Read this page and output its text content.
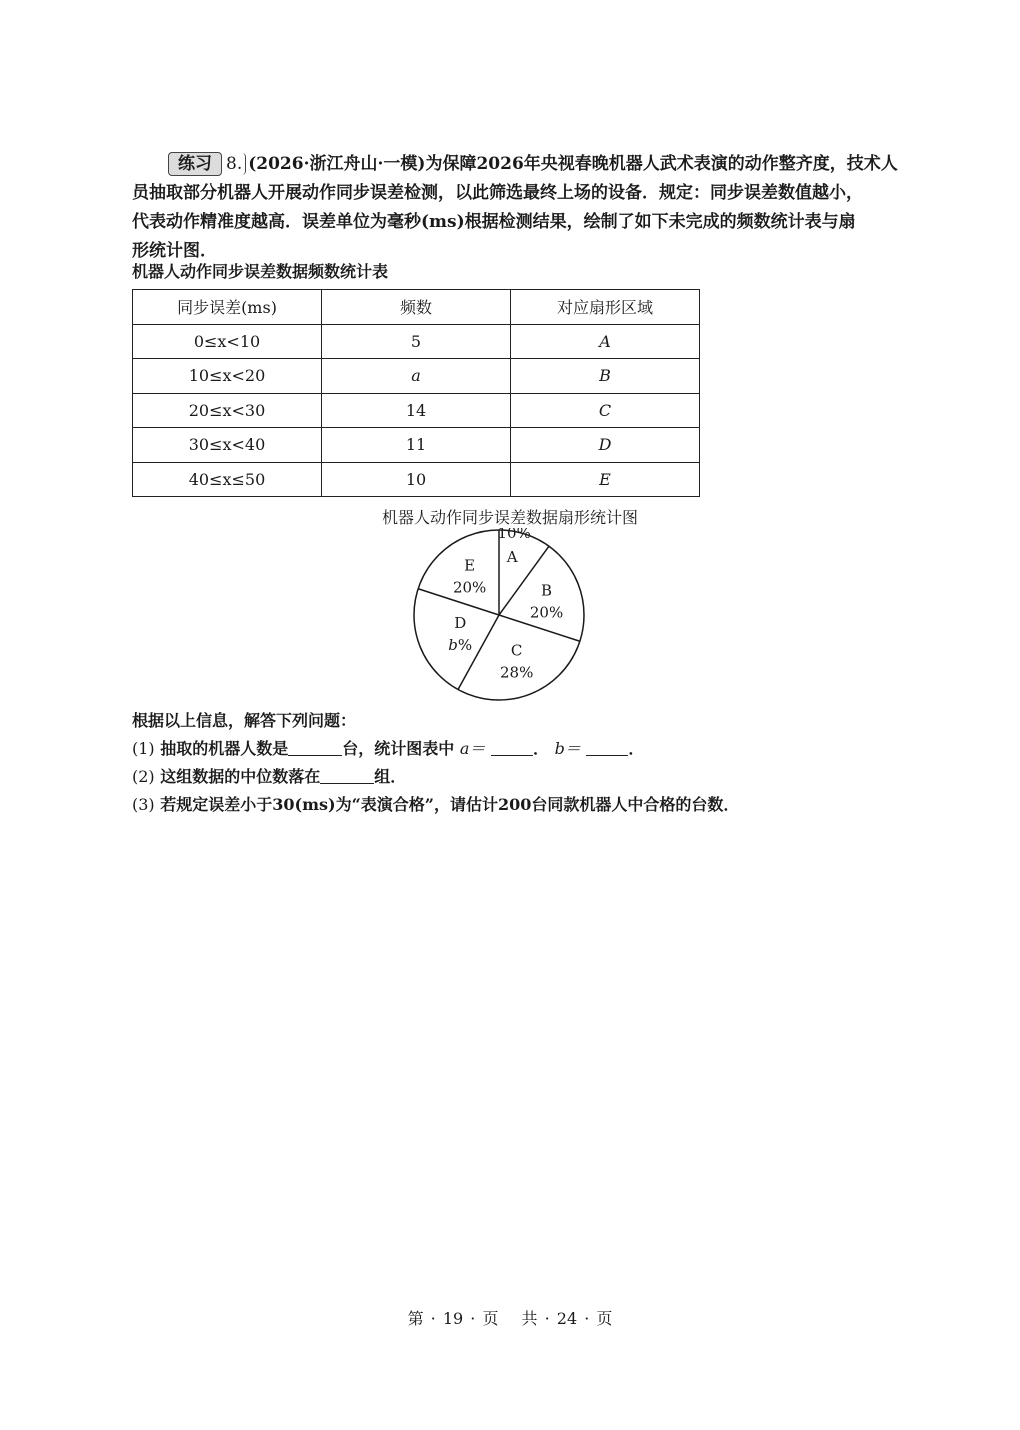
练习 8. (2026·浙江舟山·一模)为保障2026年央视春晚机器人武术表演的动作整齐度，技术人
员抽取部分机器人开展动作同步误差检测，以此筛选最终上场的设备．规定：同步误差数值越小，
代表动作精准度越高．误差单位为毫秒(ms)根据检测结果，绘制了如下未完成的频数统计表与扇
形统计图．
机器人动作同步误差数据频数统计表
同步误差(ms)	频数	对应扇形区域
0≤x<10	5	A
10≤x<20	a	B
20≤x<30	14	C
30≤x<40	11	D
40≤x≤50	10	E
机器人动作同步误差数据扇形统计图
A
10%
B
20%
C
28%
D
b%
E
20%
根据以上信息，解答下列问题：
(1) 抽取的机器人数是	台，统计图表中 a＝	． b＝	．
(2) 这组数据的中位数落在	组．
(3) 若规定误差小于30(ms)为“表演合格”，请估计200台同款机器人中合格的台数．
第 · 19 · 页　 共 · 24 · 页
